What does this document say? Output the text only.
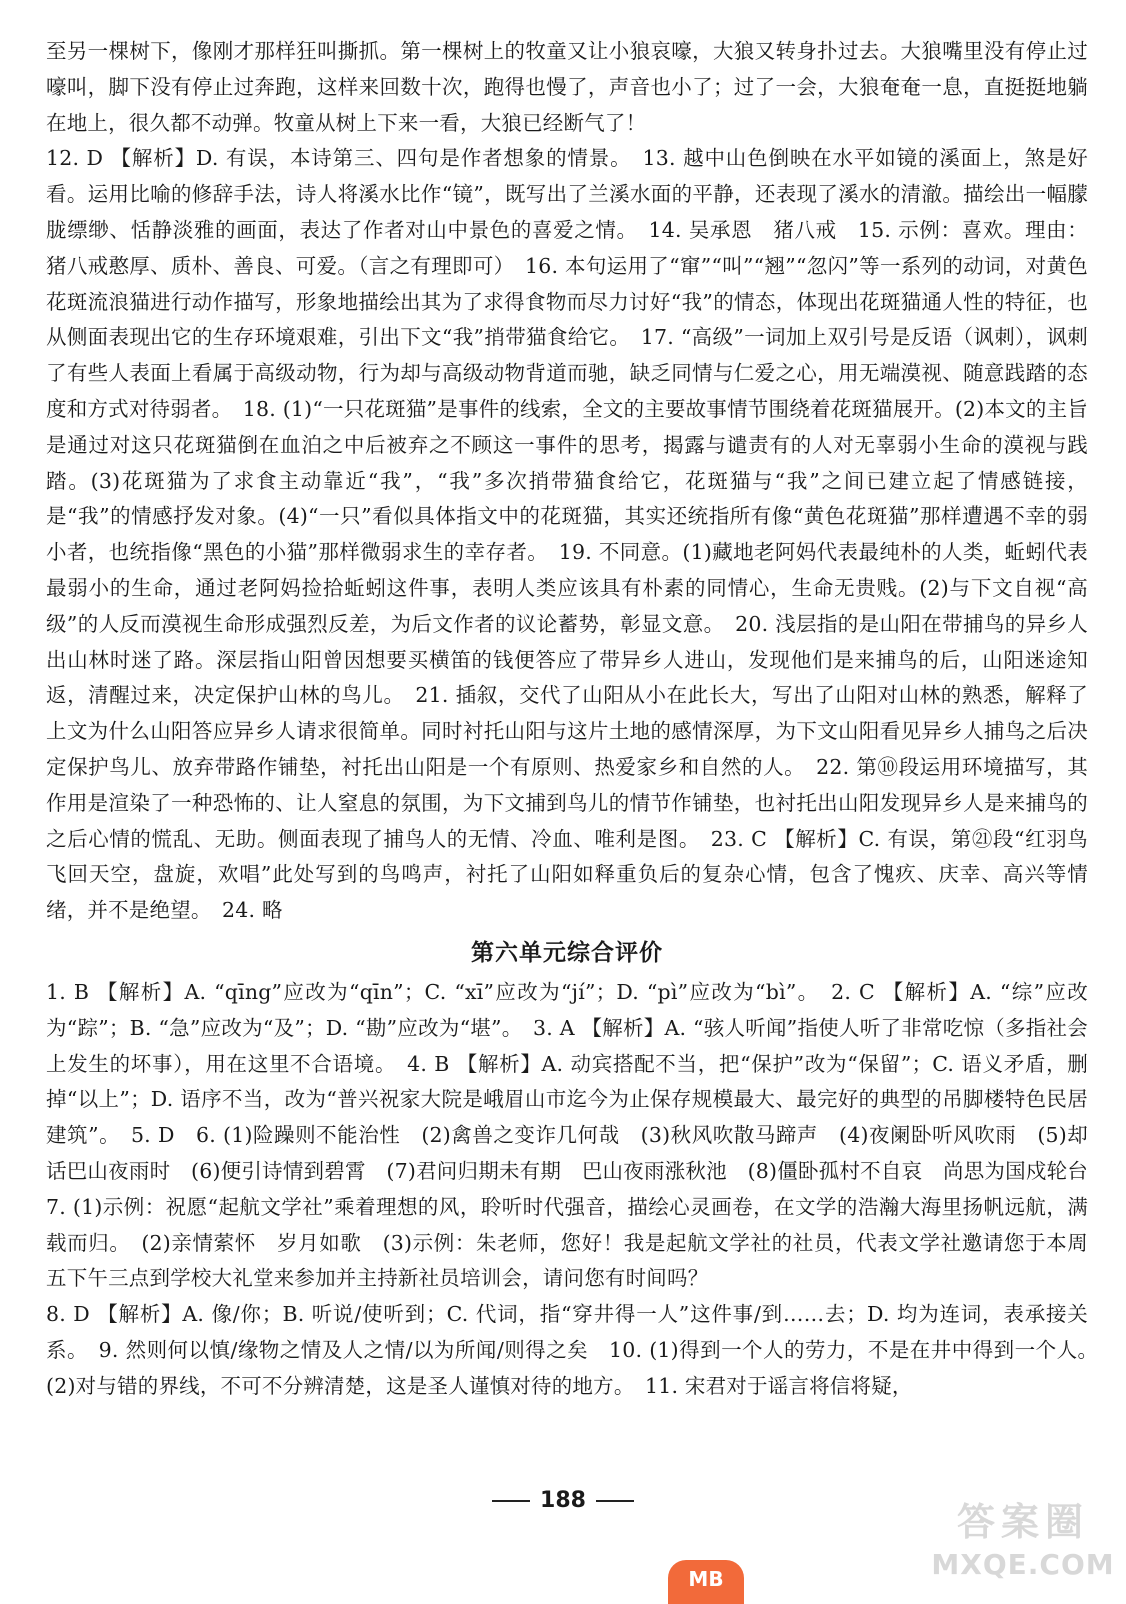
至另一棵树下，像刚才那样狂叫撕抓。第一棵树上的牧童又让小狼哀嚎，大狼又转身扑过去。大狼嘴里没有停止过嚎叫，脚下没有停止过奔跑，这样来回数十次，跑得也慢了，声音也小了；过了一会，大狼奄奄一息，直挺挺地躺在地上，很久都不动弹。牧童从树上下来一看，大狼已经断气了！

12. D 【解析】D. 有误，本诗第三、四句是作者想象的情景。　13. 越中山色倒映在水平如镜的溪面上，煞是好看。运用比喻的修辞手法，诗人将溪水比作“镜”，既写出了兰溪水面的平静，还表现了溪水的清澈。描绘出一幅朦胧缥缈、恬静淡雅的画面，表达了作者对山中景色的喜爱之情。　14. 吴承恩　猪八戒　15. 示例：喜欢。理由：猪八戒憨厚、质朴、善良、可爱。（言之有理即可）　16. 本句运用了“窜”“叫”“翘”“忽闪”等一系列的动词，对黄色花斑流浪猫进行动作描写，形象地描绘出其为了求得食物而尽力讨好“我”的情态，体现出花斑猫通人性的特征，也从侧面表现出它的生存环境艰难，引出下文“我”捎带猫食给它。　17. “高级”一词加上双引号是反语（讽刺），讽刺了有些人表面上看属于高级动物，行为却与高级动物背道而驰，缺乏同情与仁爱之心，用无端漠视、随意践踏的态度和方式对待弱者。　18. (1)“一只花斑猫”是事件的线索，全文的主要故事情节围绕着花斑猫展开。(2)本文的主旨是通过对这只花斑猫倒在血泊之中后被弃之不顾这一事件的思考，揭露与谴责有的人对无辜弱小生命的漠视与践踏。(3)花斑猫为了求食主动靠近“我”，“我”多次捎带猫食给它，花斑猫与“我”之间已建立起了情感链接，是“我”的情感抒发对象。(4)“一只”看似具体指文中的花斑猫，其实还统指所有像“黄色花斑猫”那样遭遇不幸的弱小者，也统指像“黑色的小猫”那样微弱求生的幸存者。　19. 不同意。(1)藏地老阿妈代表最纯朴的人类，蚯蚓代表最弱小的生命，通过老阿妈捡拾蚯蚓这件事，表明人类应该具有朴素的同情心，生命无贵贱。(2)与下文自视“高级”的人反而漠视生命形成强烈反差，为后文作者的议论蓄势，彰显文意。　20. 浅层指的是山阳在带捕鸟的异乡人出山林时迷了路。深层指山阳曾因想要买横笛的钱便答应了带异乡人进山，发现他们是来捕鸟的后，山阳迷途知返，清醒过来，决定保护山林的鸟儿。　21. 插叙，交代了山阳从小在此长大，写出了山阳对山林的熟悉，解释了上文为什么山阳答应异乡人请求很简单。同时衬托山阳与这片土地的感情深厚，为下文山阳看见异乡人捕鸟之后决定保护鸟儿、放弃带路作铺垫，衬托出山阳是一个有原则、热爱家乡和自然的人。　22. 第⑩段运用环境描写，其作用是渲染了一种恐怖的、让人窒息的氛围，为下文捕到鸟儿的情节作铺垫，也衬托出山阳发现异乡人是来捕鸟的之后心情的慌乱、无助。侧面表现了捕鸟人的无情、冷血、唯利是图。　23. C 【解析】C. 有误，第㉑段“红羽鸟飞回天空，盘旋，欢唱”此处写到的鸟鸣声，衬托了山阳如释重负后的复杂心情，包含了愧疚、庆幸、高兴等情绪，并不是绝望。　24. 略

第六单元综合评价

1. B 【解析】A. “qīng”应改为“qīn”；C. “xī”应改为“jí”；D. “pì”应改为“bì”。　2. C 【解析】A. “综”应改为“踪”；B. “急”应改为“及”；D. “勘”应改为“堪”。　3. A 【解析】A. “骇人听闻”指使人听了非常吃惊（多指社会上发生的坏事），用在这里不合语境。　4. B 【解析】A. 动宾搭配不当，把“保护”改为“保留”；C. 语义矛盾，删掉“以上”；D. 语序不当，改为“普兴祝家大院是峨眉山市迄今为止保存规模最大、最完好的典型的吊脚楼特色民居建筑”。　5. D　6. (1)险躁则不能治性　(2)禽兽之变诈几何哉　(3)秋风吹散马蹄声　(4)夜阑卧听风吹雨　(5)却话巴山夜雨时　(6)便引诗情到碧霄　(7)君问归期未有期　巴山夜雨涨秋池　(8)僵卧孤村不自哀　尚思为国戍轮台　7. (1)示例：祝愿“起航文学社”乘着理想的风，聆听时代强音，描绘心灵画卷，在文学的浩瀚大海里扬帆远航，满载而归。　(2)亲情萦怀　岁月如歌　(3)示例：朱老师，您好！我是起航文学社的社员，代表文学社邀请您于本周五下午三点到学校大礼堂来参加并主持新社员培训会，请问您有时间吗？

8. D 【解析】A. 像/你；B. 听说/使听到；C. 代词，指“穿井得一人”这件事/到……去；D. 均为连词，表承接关系。　9. 然则何以慎/缘物之情及人之情/以为所闻/则得之矣　10. (1)得到一个人的劳力，不是在井中得到一个人。　(2)对与错的界线，不可不分辨清楚，这是圣人谨慎对待的地方。　11. 宋君对于谣言将信将疑，

188
MB
答案圈
MXQE.COM
